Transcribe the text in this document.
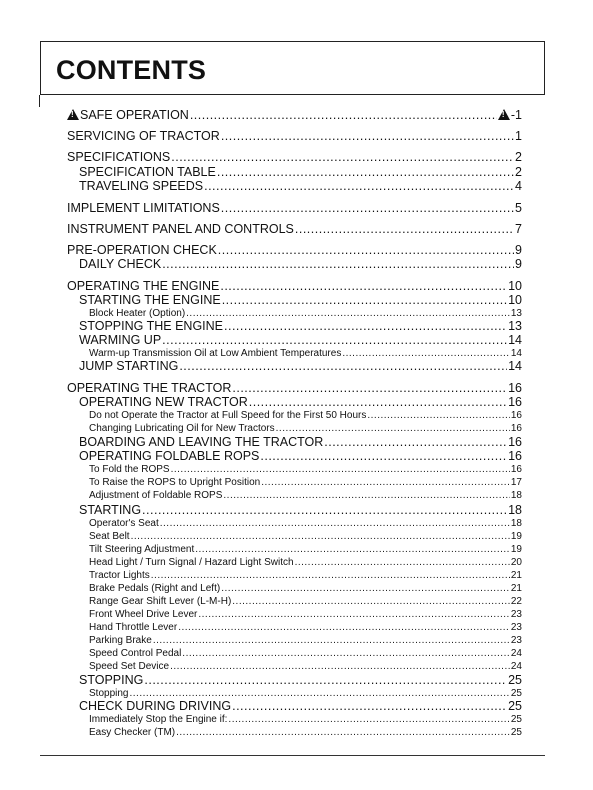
CONTENTS
!SAFE OPERATION ..... !	-1
SERVICING OF TRACTOR .....	1
SPECIFICATIONS .....	2
SPECIFICATION TABLE .....	2
TRAVELING SPEEDS .....	4
IMPLEMENT LIMITATIONS .....	5
INSTRUMENT PANEL AND CONTROLS .....	7
PRE-OPERATION CHECK .....	9
DAILY CHECK .....	9
OPERATING THE ENGINE .....	10
STARTING THE ENGINE .....	10
Block Heater (Option) .....	13
STOPPING THE ENGINE .....	13
WARMING UP .....	14
Warm-up Transmission Oil at Low Ambient Temperatures .....	14
JUMP STARTING .....	14
OPERATING THE TRACTOR .....	16
OPERATING NEW TRACTOR .....	16
Do not Operate the Tractor at Full Speed for the First 50 Hours .....	16
Changing Lubricating Oil for New Tractors .....	16
BOARDING AND LEAVING THE TRACTOR .....	16
OPERATING FOLDABLE ROPS .....	16
To Fold the ROPS .....	16
To Raise the ROPS to Upright Position .....	17
Adjustment of Foldable ROPS .....	18
STARTING .....	18
Operator's Seat .....	18
Seat Belt .....	19
Tilt Steering Adjustment .....	19
Head Light / Turn Signal / Hazard Light Switch .....	20
Tractor Lights .....	21
Brake Pedals (Right and Left) .....	21
Range Gear Shift Lever (L-M-H) .....	22
Front Wheel Drive Lever .....	23
Hand Throttle Lever .....	23
Parking Brake .....	23
Speed Control Pedal .....	24
Speed Set Device .....	24
STOPPING .....	25
Stopping .....	25
CHECK DURING DRIVING .....	25
Immediately Stop the Engine if: .....	25
Easy Checker (TM) .....	25
